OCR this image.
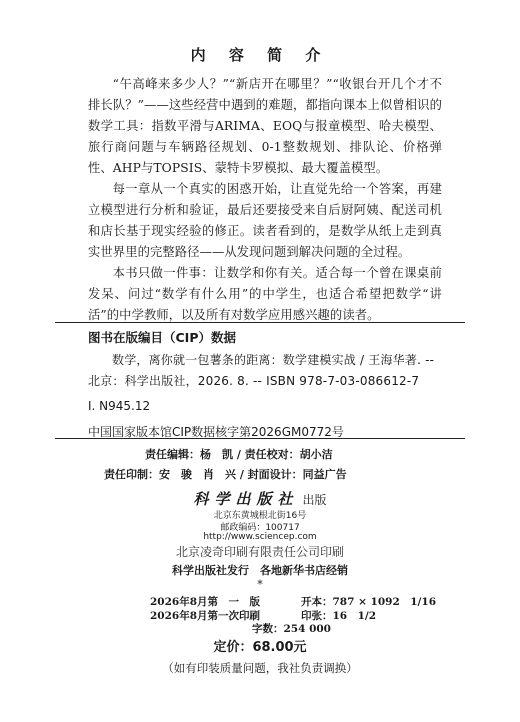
内 容 简 介

“午高峰来多少人？”“新店开在哪里？”“收银台开几个才不排长队？”——这些经营中遇到的难题，都指向课本上似曾相识的数学工具：指数平滑与ARIMA、EOQ与报童模型、哈夫模型、旅行商问题与车辆路径规划、0-1整数规划、排队论、价格弹性、AHP与TOPSIS、蒙特卡罗模拟、最大覆盖模型。

每一章从一个真实的困惑开始，让直觉先给一个答案，再建立模型进行分析和验证，最后还要接受来自后厨阿姨、配送司机和店长基于现实经验的修正。读者看到的，是数学从纸上走到真实世界里的完整路径——从发现问题到解决问题的全过程。

本书只做一件事：让数学和你有关。适合每一个曾在课桌前发呆、问过“数学有什么用”的中学生，也适合希望把数学“讲活”的中学教师，以及所有对数学应用感兴趣的读者。

图书在版编目（CIP）数据
数学，离你就一包薯条的距离：数学建模实战 / 王海华著. -- 北京：科学出版社，2026. 8. -- ISBN 978-7-03-086612-7
Ⅰ. N945.12
中国国家版本馆CIP数据核字第2026GM0772号
责任编辑：杨　凯 / 责任校对：胡小洁
责任印制：安　骏　肖　兴 / 封面设计：同益广告
科学出版社 出版
北京东黄城根北街16号
邮政编码：100717
http://www.sciencep.com
北京凌奇印刷有限责任公司印刷
科学出版社发行　各地新华书店经销
*
2026年8月第　一　版	开本：787 × 1092　1/16
2026年8月第一次印刷	印张：16　1/2
字数：254 000
定价：68.00元
（如有印装质量问题，我社负责调换）
